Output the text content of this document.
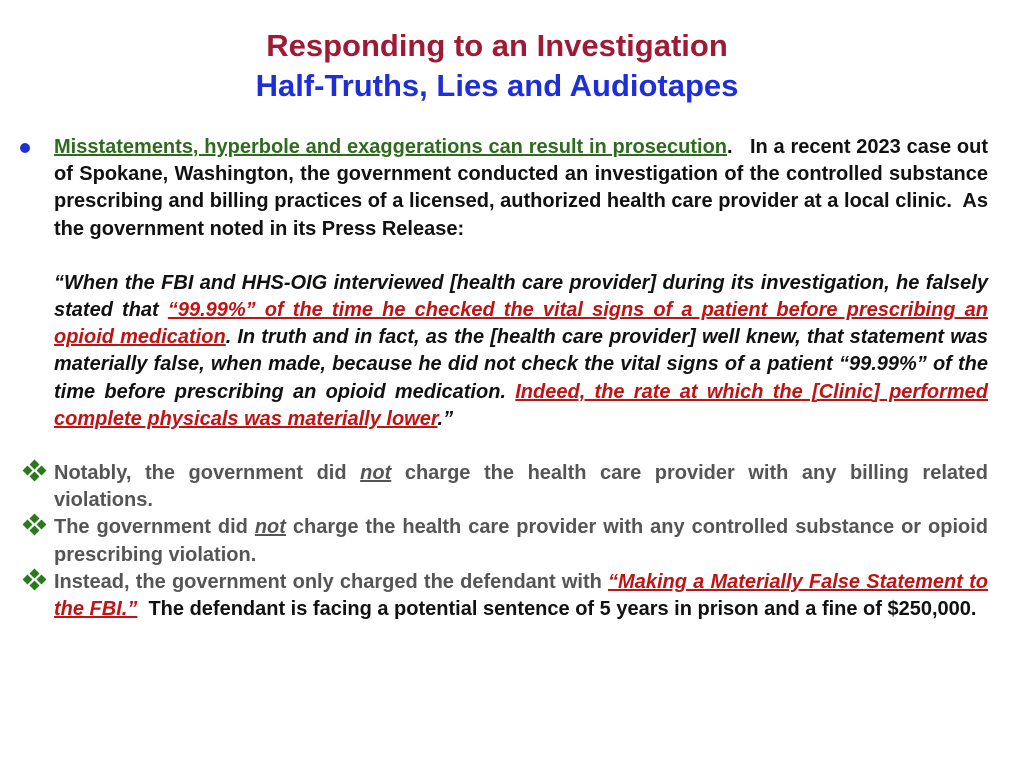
Responding to an Investigation
Half-Truths, Lies and Audiotapes

Misstatements, hyperbole and exaggerations can result in prosecution.   In a recent 2023 case out of Spokane, Washington, the government conducted an investigation of the controlled substance prescribing and billing practices of a licensed, authorized health care provider at a local clinic.  As the government noted in its Press Release:

“When the FBI and HHS-OIG interviewed [health care provider] during its investigation, he falsely stated that “99.99%” of the time he checked the vital signs of a patient before prescribing an opioid medication. In truth and in fact, as the [health care provider] well knew, that statement was materially false, when made, because he did not check the vital signs of a patient “99.99%” of the time before prescribing an opioid medication. Indeed, the rate at which the [Clinic] performed complete physicals was materially lower.”

Notably, the government did not charge the health care provider with any billing related violations.
The government did not charge the health care provider with any controlled substance or opioid prescribing violation.
Instead, the government only charged the defendant with “Making a Materially False Statement to the FBI.”  The defendant is facing a potential sentence of 5 years in prison and a fine of $250,000.
